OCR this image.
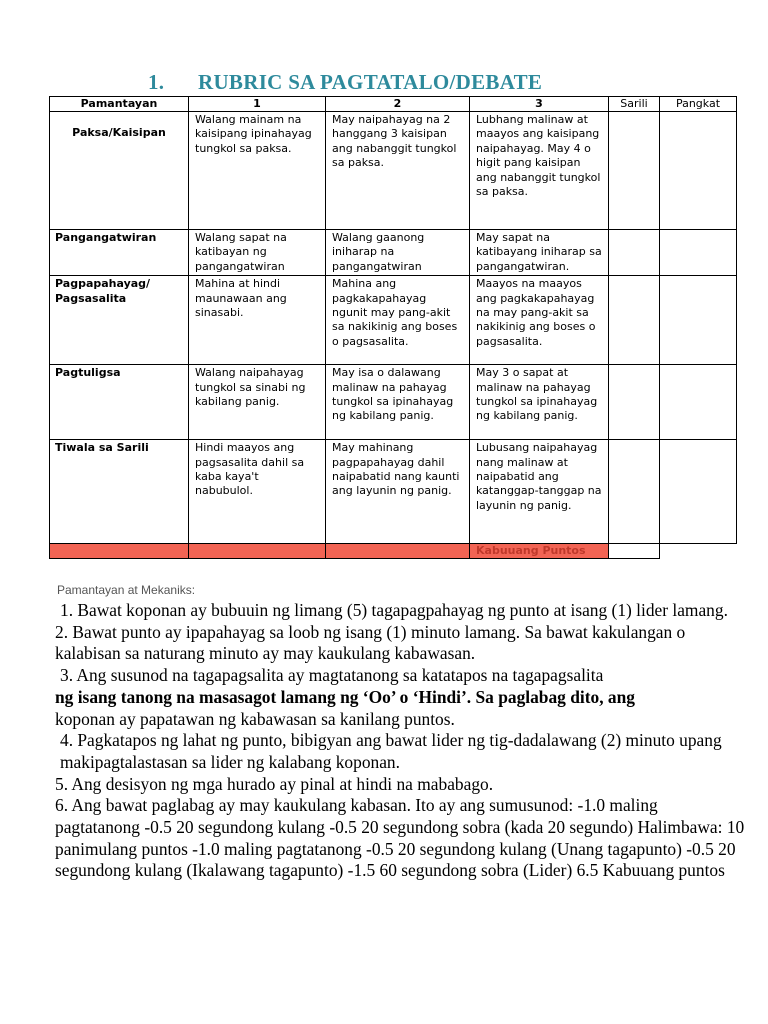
1. RUBRIC SA PAGTATALO/DEBATE
Pamantayan	1	2	3	Sarili	Pangkat
Paksa/Kaisipan	Walang mainam na kaisipang ipinahayag tungkol sa paksa.	May naipahayag na 2 hanggang 3 kaisipan ang nabanggit tungkol sa paksa.	Lubhang malinaw at maayos ang kaisipang naipahayag. May 4 o higit pang kaisipan ang nabanggit tungkol sa paksa.		
Pangangatwiran	Walang sapat na katibayan ng pangangatwiran	Walang gaanong iniharap na pangangatwiran	May sapat na katibayang iniharap sa pangangatwiran.		
Pagpapahayag/ Pagsasalita	Mahina at hindi maunawaan ang sinasabi.	Mahina ang pagkakapahayag ngunit may pang-akit sa nakikinig ang boses o pagsasalita.	Maayos na maayos ang pagkakapahayag na may pang-akit sa nakikinig ang boses o pagsasalita.		
Pagtuligsa	Walang naipahayag tungkol sa sinabi ng kabilang panig.	May isa o dalawang malinaw na pahayag tungkol sa ipinahayag ng kabilang panig.	May 3 o sapat at malinaw na pahayag tungkol sa ipinahayag ng kabilang panig.		
Tiwala sa Sarili	Hindi maayos ang pagsasalita dahil sa kaba kaya't nabubulol.	May mahinang pagpapahayag dahil naipabatid nang kaunti ang layunin ng panig.	Lubusang naipahayag nang malinaw at naipabatid ang katanggap-tanggap na layunin ng panig.		
			Kabuuang Puntos		
Pamantayan at Mekaniks:

1. Bawat koponan ay bubuuin ng limang (5) tagapagpahayag ng punto at isang (1) lider lamang.

2. Bawat punto ay ipapahayag sa loob ng isang (1) minuto lamang. Sa bawat kakulangan o kalabisan sa naturang minuto ay may kaukulang kabawasan.

3. Ang susunod na tagapagsalita ay magtatanong sa katatapos na tagapagsalita

ng isang tanong na masasagot lamang ng ‘Oo’ o ‘Hindi’. Sa paglabag dito, ang

koponan ay papatawan ng kabawasan sa kanilang puntos.

4. Pagkatapos ng lahat ng punto, bibigyan ang bawat lider ng tig-dadalawang (2) minuto upang makipagtalastasan sa lider ng kalabang koponan.

5. Ang desisyon ng mga hurado ay pinal at hindi na mababago.

6. Ang bawat paglabag ay may kaukulang kabasan. Ito ay ang sumusunod: -1.0 maling pagtatanong -0.5 20 segundong kulang -0.5 20 segundong sobra (kada 20 segundo) Halimbawa: 10 panimulang puntos -1.0 maling pagtatanong -0.5 20 segundong kulang (Unang tagapunto) -0.5 20 segundong kulang (Ikalawang tagapunto) -1.5 60 segundong sobra (Lider) 6.5 Kabuuang puntos
